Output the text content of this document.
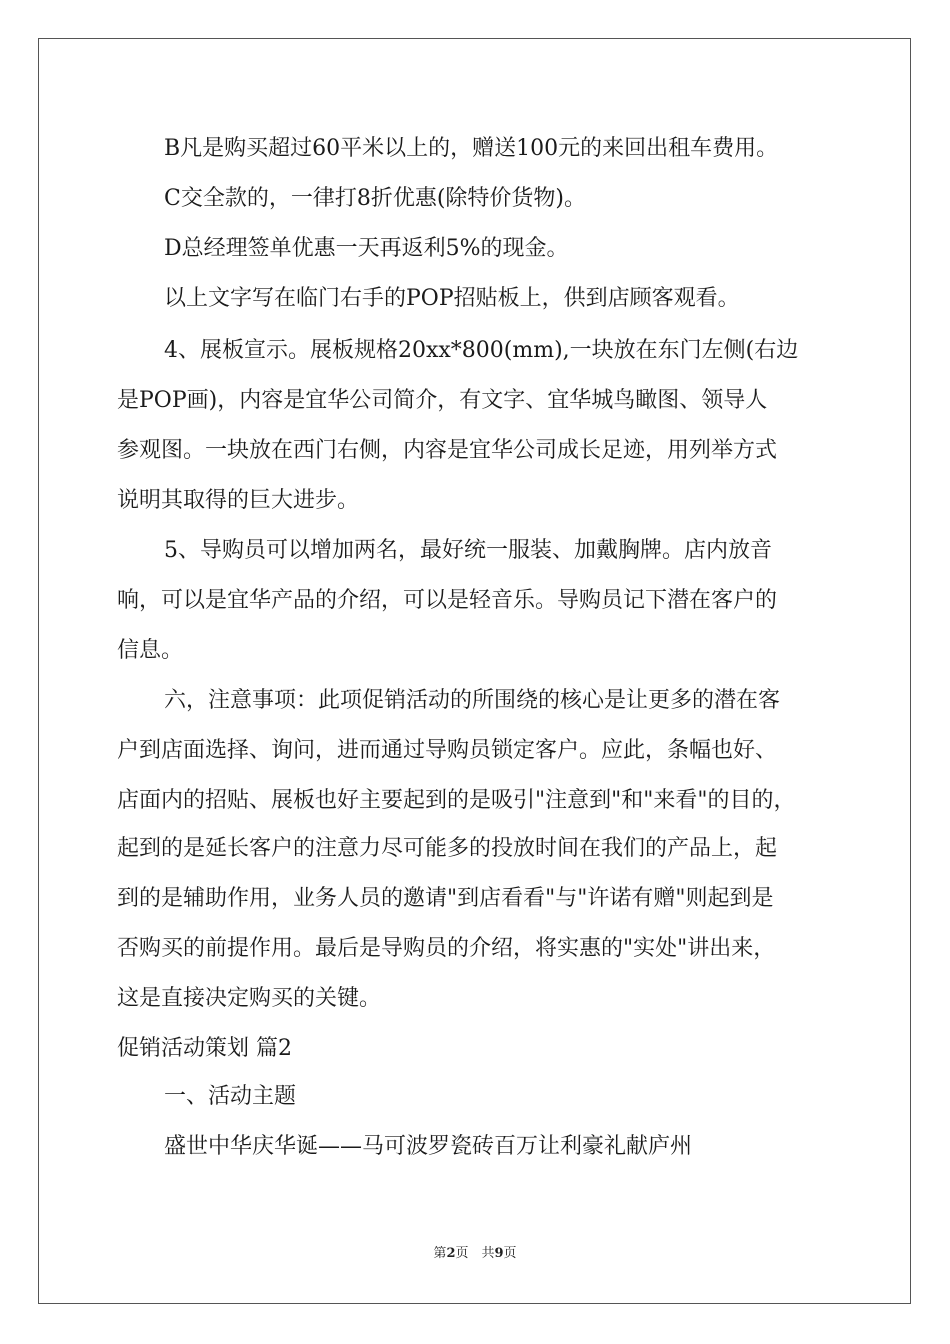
B凡是购买超过60平米以上的，赠送100元的来回出租车费用。
C交全款的，一律打8折优惠(除特价货物)。
D总经理签单优惠一天再返利5%的现金。
以上文字写在临门右手的POP招贴板上，供到店顾客观看。
4、展板宣示。展板规格20xx*800(mm),一块放在东门左侧(右边
是POP画)，内容是宜华公司简介，有文字、宜华城鸟瞰图、领导人
参观图。一块放在西门右侧，内容是宜华公司成长足迹，用列举方式
说明其取得的巨大进步。
5、导购员可以增加两名，最好统一服装、加戴胸牌。店内放音
响，可以是宜华产品的介绍，可以是轻音乐。导购员记下潜在客户的
信息。
六，注意事项：此项促销活动的所围绕的核心是让更多的潜在客
户到店面选择、询问，进而通过导购员锁定客户。应此，条幅也好、
店面内的招贴、展板也好主要起到的是吸引"注意到"和"来看"的目的，
起到的是延长客户的注意力尽可能多的投放时间在我们的产品上，起
到的是辅助作用，业务人员的邀请"到店看看"与"许诺有赠"则起到是
否购买的前提作用。最后是导购员的介绍，将实惠的"实处"讲出来，
这是直接决定购买的关键。
促销活动策划 篇2
一、活动主题
盛世中华庆华诞——马可波罗瓷砖百万让利豪礼献庐州
第2页　共9页
